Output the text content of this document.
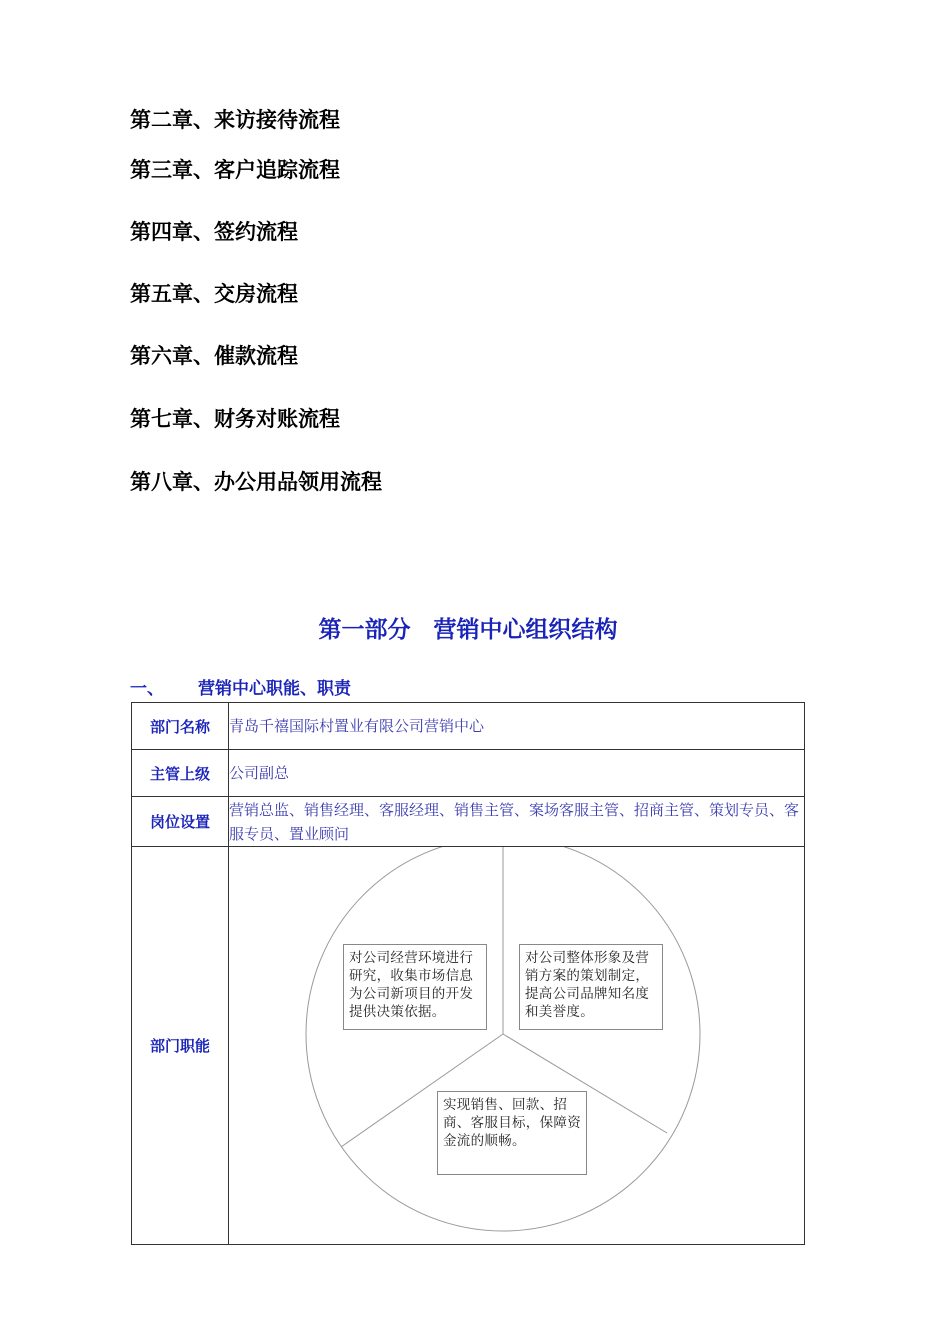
第二章、来访接待流程
第三章、客户追踪流程
第四章、签约流程
第五章、交房流程
第六章、催款流程
第七章、财务对账流程
第八章、办公用品领用流程
第一部分　营销中心组织结构
一、 营销中心职能、职责
部门名称	青岛千禧国际村置业有限公司营销中心
主管上级	公司副总
岗位设置	营销总监、销售经理、客服经理、销售主管、案场客服主管、招商主管、策划专员、客服专员、置业顾问
部门职能	对公司经营环境进行研究，收集市场信息为公司新项目的开发提供决策依据。
对公司整体形象及营销方案的策划制定，提高公司品牌知名度和美誉度。
实现销售、回款、招商、客服目标，保障资金流的顺畅。
